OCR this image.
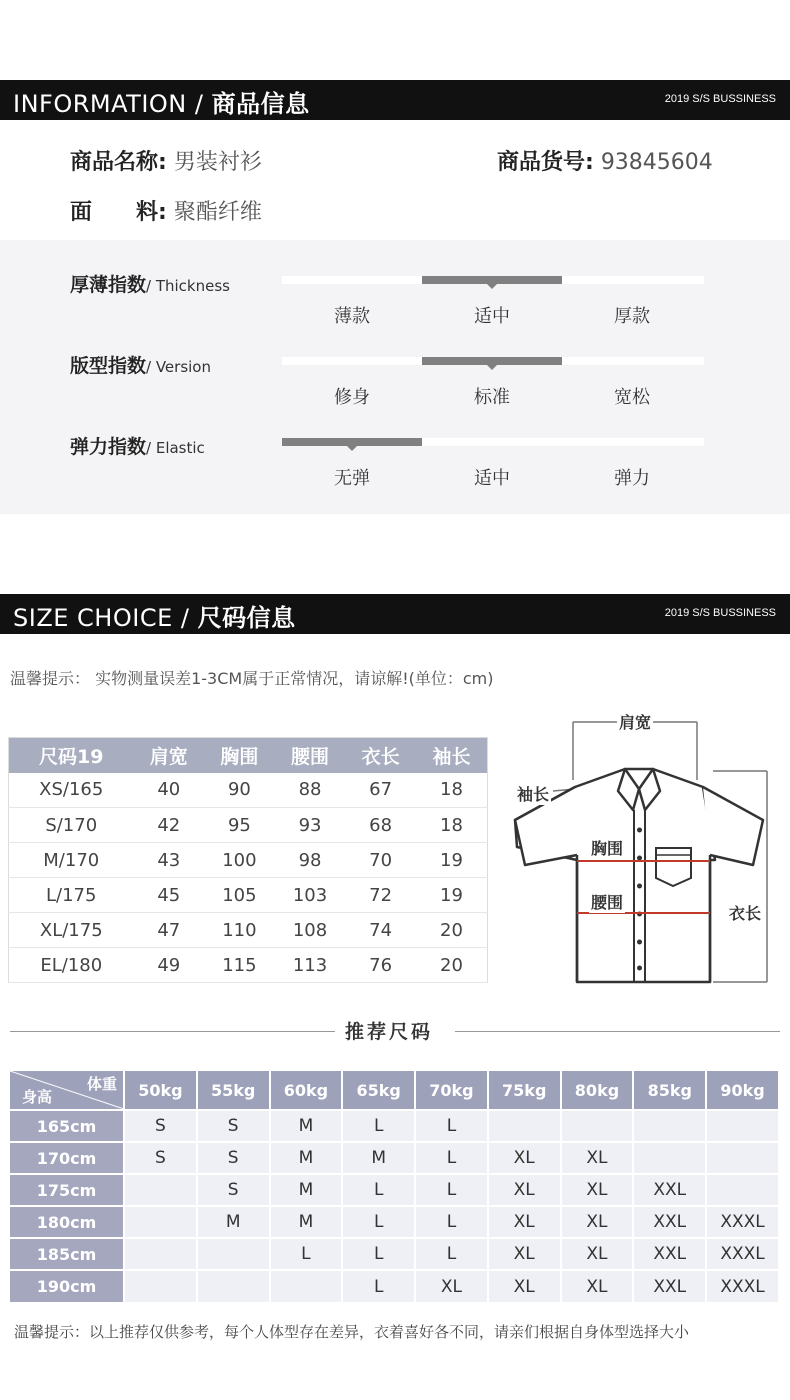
INFORMATION / 商品信息	2019 S/S BUSSINESS
商品名称: 男装衬衫	商品货号: 93845604
面　　料: 聚酯纤维
厚薄指数/ Thickness
薄款	适中	厚款
版型指数/ Version
修身	标准	宽松
弹力指数/ Elastic
无弹	适中	弹力
SIZE CHOICE / 尺码信息	2019 S/S BUSSINESS
温馨提示： 实物测量误差1-3CM属于正常情况，请谅解!(单位：cm)
尺码19	肩宽	胸围	腰围	衣长	袖长
XS/165	40	90	88	67	18
S/170	42	95	93	68	18
M/170	43	100	98	70	19
L/175	45	105	103	72	19
XL/175	47	110	108	74	20
EL/180	49	115	113	76	20
肩宽
袖长
胸围
腰围
衣长
推荐尺码
体重
身高	50kg	55kg	60kg	65kg	70kg	75kg	80kg	85kg	90kg
165cm	S	S	M	L	L				
170cm	S	S	M	M	L	XL	XL		
175cm		S	M	L	L	XL	XL	XXL	
180cm		M	M	L	L	XL	XL	XXL	XXXL
185cm			L	L	L	XL	XL	XXL	XXXL
190cm				L	XL	XL	XL	XXL	XXXL
温馨提示：以上推荐仅供参考，每个人体型存在差异，衣着喜好各不同，请亲们根据自身体型选择大小
